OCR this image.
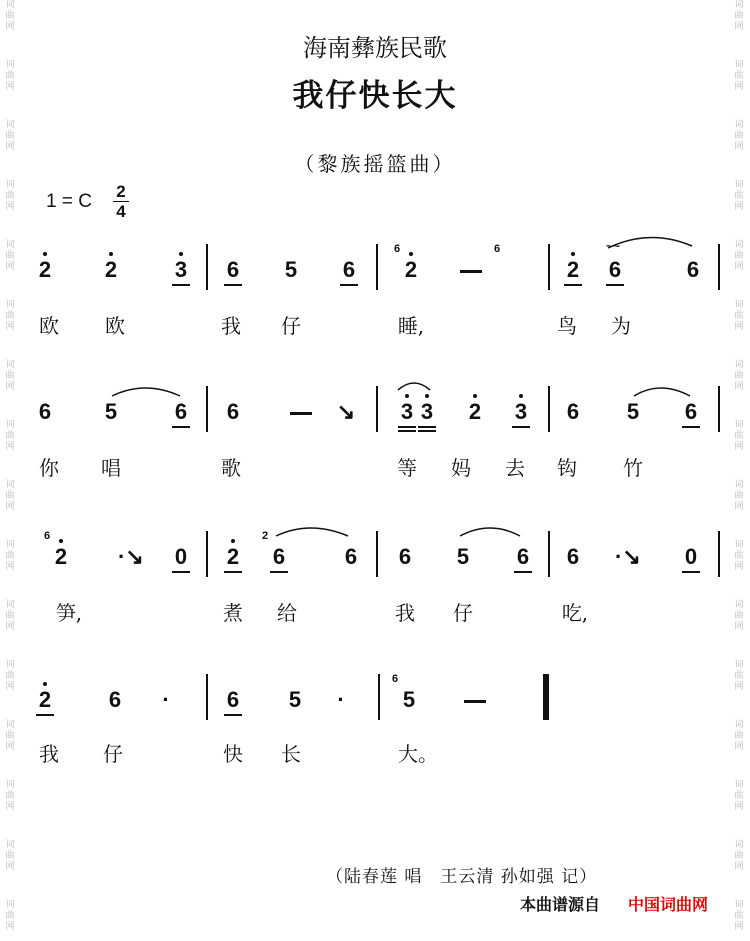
词
曲
网
词
曲
网
词
曲
网
词
曲
网
词
曲
网
词
曲
网
词
曲
网
词
曲
网
词
曲
网
词
曲
网
词
曲
网
词
曲
网
词
曲
网
词
曲
网
词
曲
网
词
曲
网
词
曲
网
词
曲
网
词
曲
网
词
曲
网
词
曲
网
词
曲
网
词
曲
网
词
曲
网
词
曲
网
词
曲
网
词
曲
网
词
曲
网
词
曲
网
词
曲
网
词
曲
网
词
曲
网
海南彝族民歌
我仔快长大
（黎族摇篮曲）
1 = C 2
4
2 2	3 6 5 6 2
6	6
2 6
~~
6
欧 欧	我 仔	睡,	鸟 为
6 5	6 6	↘ 3 3 2 3 6 5 6
你 唱	歌	等 妈 去 钩 竹
2
6
·↘ 0 2 6
2
6 6 5 6 6 ·↘ 0
笋,	煮 给	我 仔	吃,
2	6	·	6 5	·	5
6
我 仔	快 长	大。
（陆春莲 唱　王云清 孙如强 记）
本曲谱源自 中国词曲网
